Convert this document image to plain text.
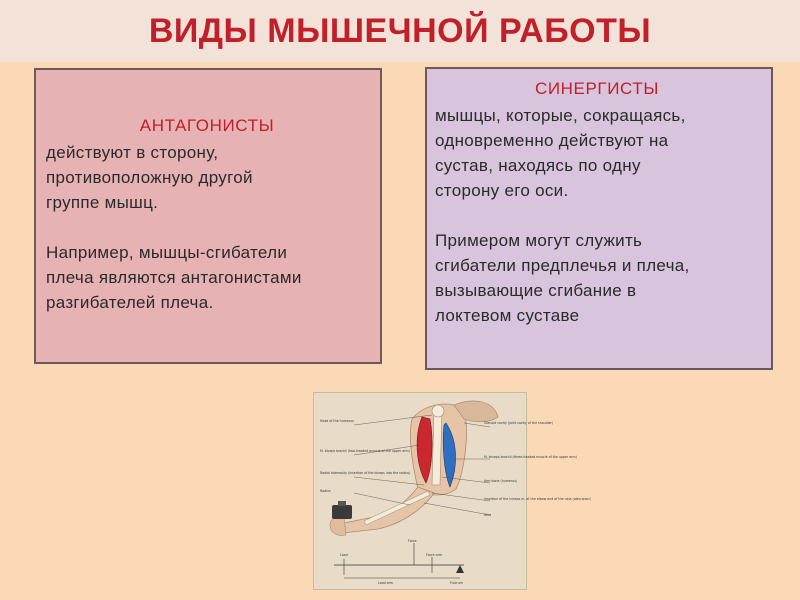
ВИДЫ МЫШЕЧНОЙ РАБОТЫ
АНТАГОНИСТЫ
действуют в сторону,
противоположную другой
группе мышц.
Например, мышцы-сгибатели
плеча являются антагонистами
разгибателей плеча.
СИНЕРГИСТЫ
мышцы, которые, сокращаясь,
одновременно действуют на
сустав, находясь по одну
сторону его оси.
Примером могут служить
сгибатели предплечья и плеча,
вызывающие сгибание в
локтевом суставе
Head of the humerus
M. biceps brachii (two-headed muscle of the upper arm)
Radial tuberosity (insertion of the biceps into the radius)
Radius
Glenoid cavity (joint cavity of the shoulder)
M. triceps brachii (three-headed muscle of the upper arm)
Arm bone (humerus)
Insertion of the triceps m. at the elbow end of the ulna (olecranon)
Ulna
Load	Force arm
Force
Load arm	Fulcrum
